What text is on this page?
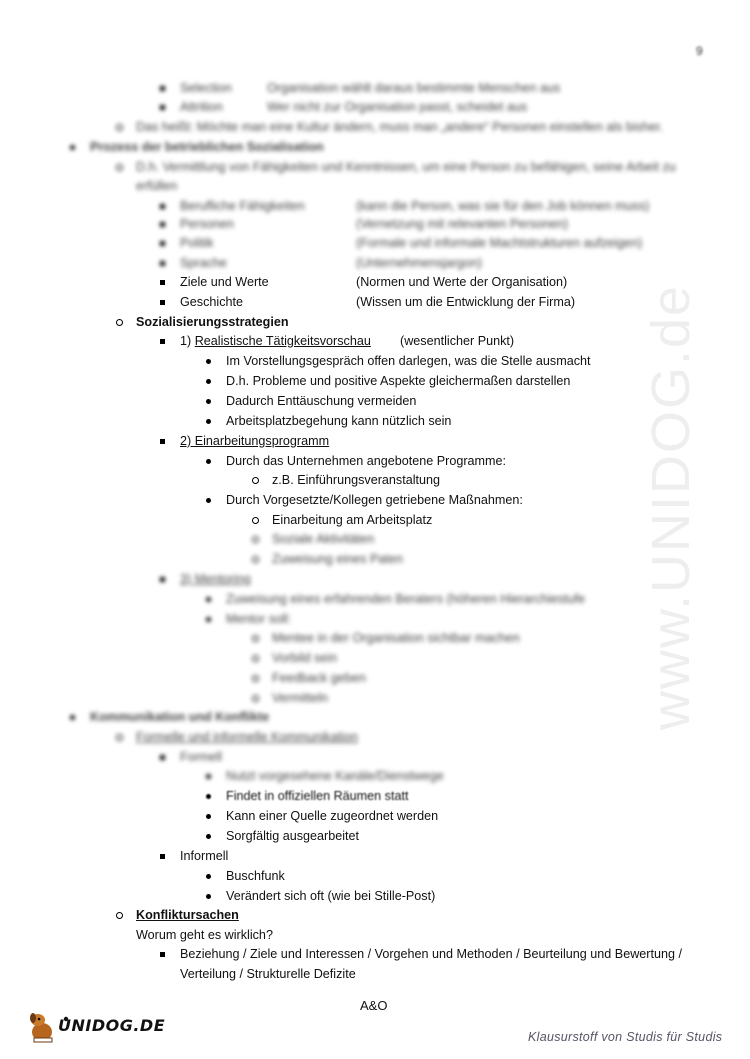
9
www.UNIDOG.de
Selection	Organisation wählt daraus bestimmte Menschen aus
Attrition	Wer nicht zur Organisation passt, scheidet aus
Das heißt: Möchte man eine Kultur ändern, muss man „andere“ Personen einstellen als bisher.
Prozess der betrieblichen Sozialisation
D.h. Vermittlung von Fähigkeiten und Kenntnissen, um eine Person zu befähigen, seine Arbeit zu
erfüllen
Berufliche Fähigkeiten	(kann die Person, was sie für den Job können muss)
Personen	(Vernetzung mit relevanten Personen)
Politik	(Formale und informale Machtstrukturen aufzeigen)
Sprache	(Unternehmensjargon)
Ziele und Werte	(Normen und Werte der Organisation)
Geschichte	(Wissen um die Entwicklung der Firma)
Sozialisierungsstrategien
1) Realistische Tätigkeitsvorschau (wesentlicher Punkt)
Im Vorstellungsgespräch offen darlegen, was die Stelle ausmacht
D.h. Probleme und positive Aspekte gleichermaßen darstellen
Dadurch Enttäuschung vermeiden
Arbeitsplatzbegehung kann nützlich sein
2) Einarbeitungsprogramm
Durch das Unternehmen angebotene Programme:
z.B. Einführungsveranstaltung
Durch Vorgesetzte/Kollegen getriebene Maßnahmen:
Einarbeitung am Arbeitsplatz
Soziale Aktivitäten
Zuweisung eines Paten
3) Mentoring
Zuweisung eines erfahrenden Beraters (höheren Hierarchiestufe
Mentor soll:
Mentee in der Organisation sichtbar machen
Vorbild sein
Feedback geben
Vermitteln
Kommunikation und Konflikte
Formelle und informelle Kommunikation
Formell
Nutzt vorgesehene Kanäle/Dienstwege
Findet in offiziellen Räumen statt
Kann einer Quelle zugeordnet werden
Sorgfältig ausgearbeitet
Informell
Buschfunk
Verändert sich oft (wie bei Stille-Post)
Konfliktursachen
Worum geht es wirklich?
Beziehung / Ziele und Interessen / Vorgehen und Methoden / Beurteilung und Bewertung /
Verteilung / Strukturelle Defizite
A&O
UNIDOG.DE
Klausurstoff von Studis für Studis
